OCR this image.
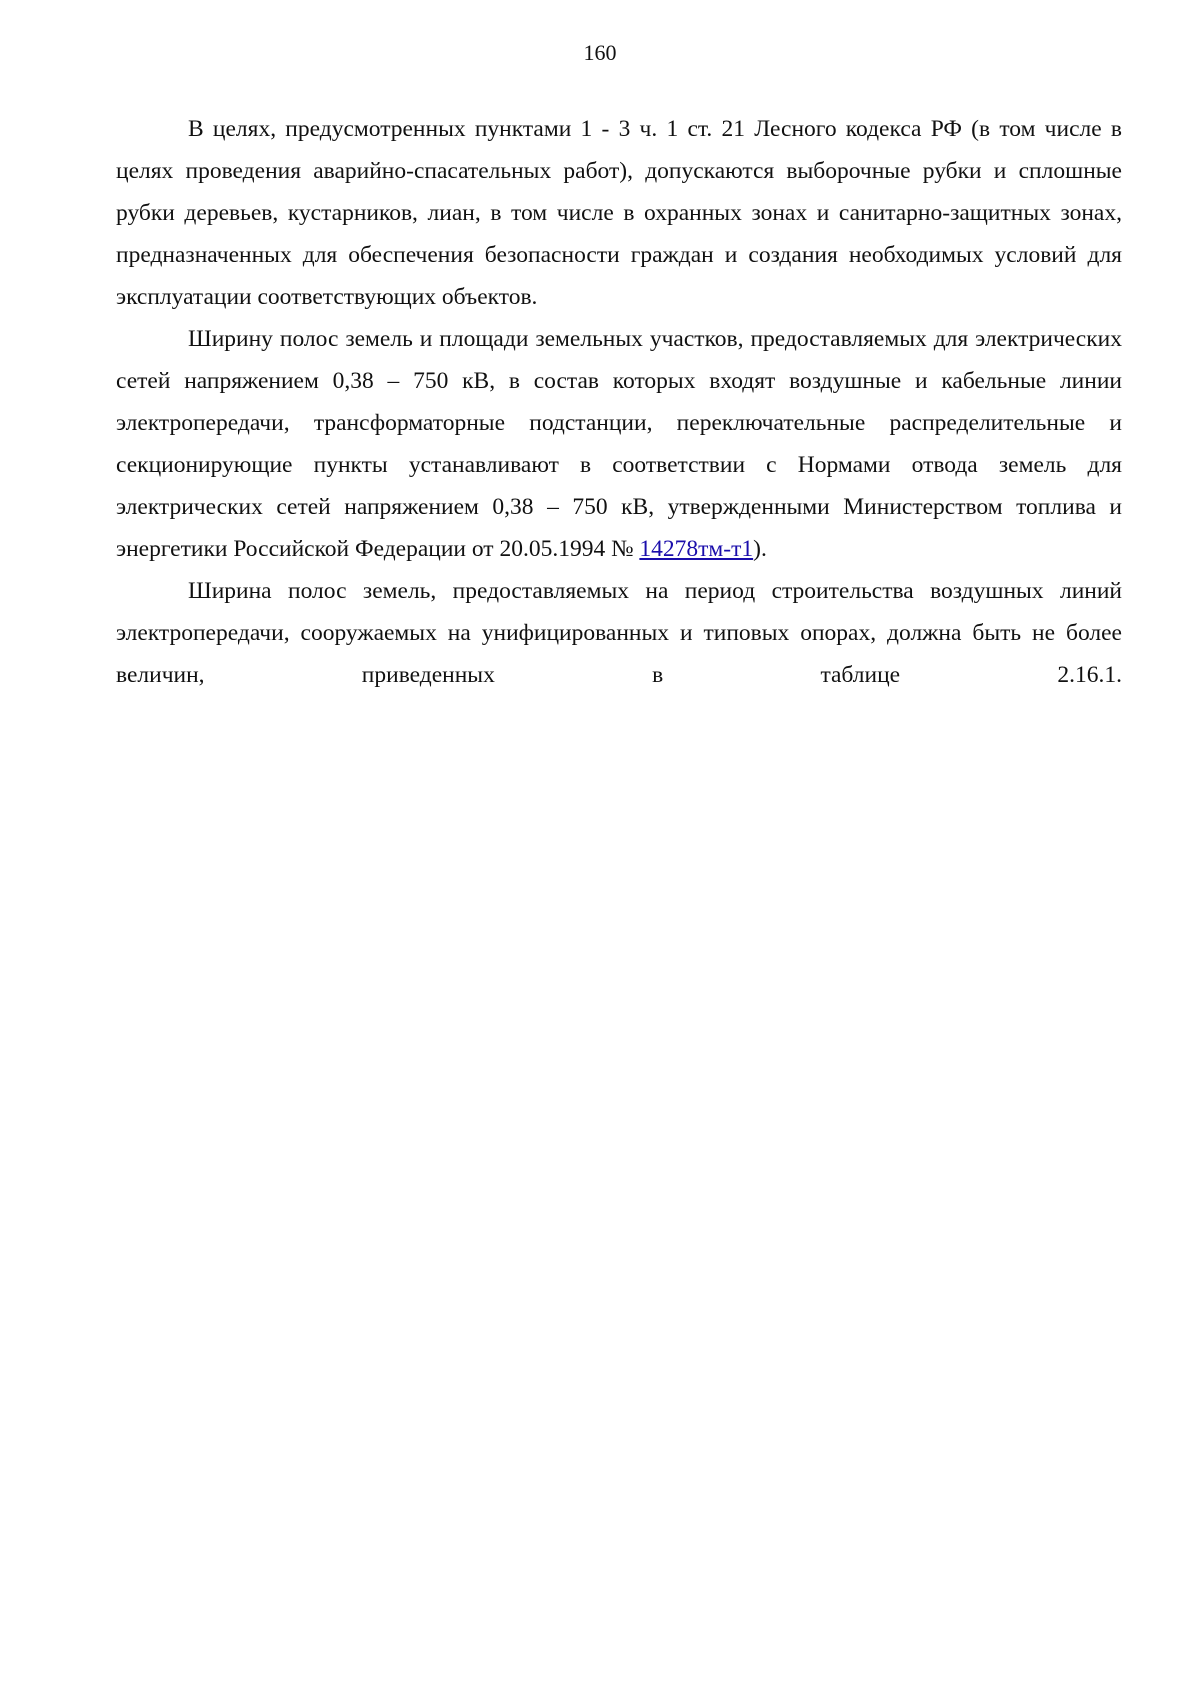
160

В целях, предусмотренных пунктами 1 - 3 ч. 1 ст. 21 Лесного кодекса РФ (в том числе в целях проведения аварийно-спасательных работ), допускаются выборочные рубки и сплошные рубки деревьев, кустарников, лиан, в том числе в охранных зонах и санитарно-защитных зонах, предназначенных для обеспечения безопасности граждан и создания необходимых условий для эксплуатации соответствующих объектов.

Ширину полос земель и площади земельных участков, предоставляемых для электрических сетей напряжением 0,38 – 750 кВ, в состав которых входят воздушные и кабельные линии электропередачи, трансформаторные подстанции, переключательные распределительные и секционирующие пункты устанавливают в соответствии с Нормами отвода земель для электрических сетей напряжением 0,38 – 750 кВ, утвержденными Министерством топлива и энергетики Российской Федерации от 20.05.1994 № 14278тм-т1).

Ширина полос земель, предоставляемых на период строительства воздушных линий электропередачи, сооружаемых на унифицированных и типовых опорах, должна быть не более величин, приведенных в таблице 2.16.1.
